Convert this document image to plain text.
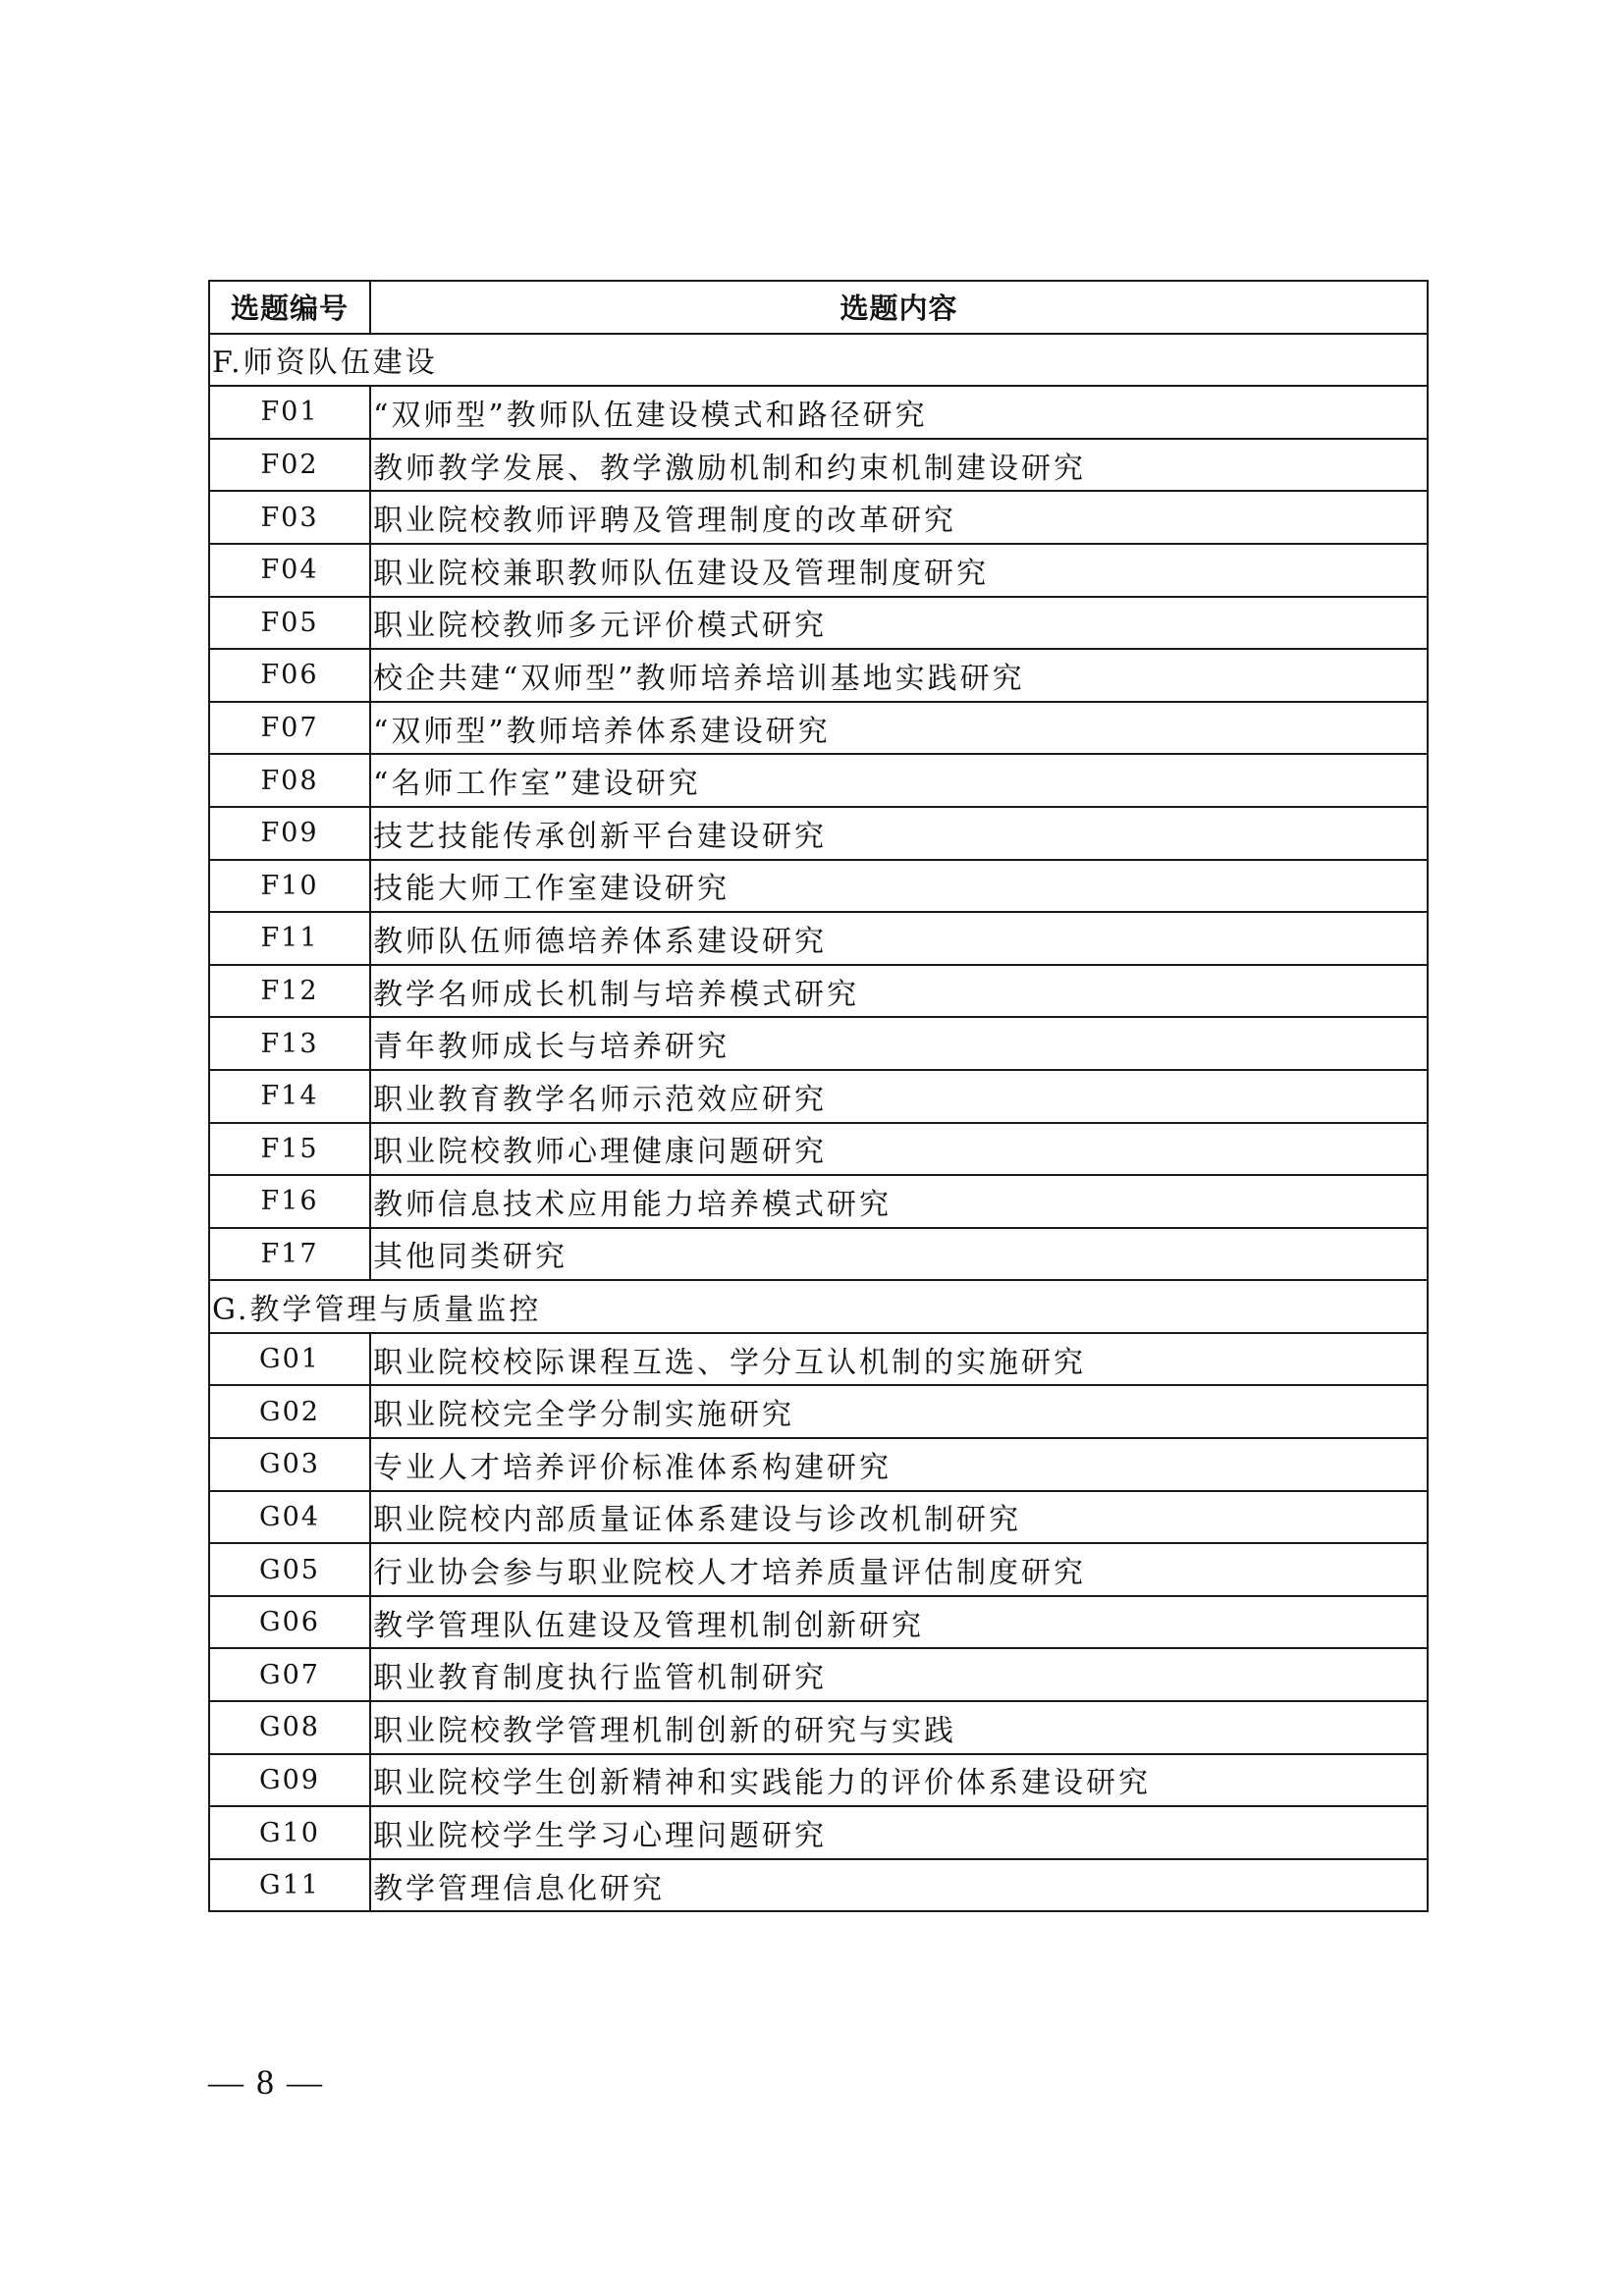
选题编号	选题内容
F.师资队伍建设	
F01	“双师型”教师队伍建设模式和路径研究
F02	教师教学发展、教学激励机制和约束机制建设研究
F03	职业院校教师评聘及管理制度的改革研究
F04	职业院校兼职教师队伍建设及管理制度研究
F05	职业院校教师多元评价模式研究
F06	校企共建“双师型”教师培养培训基地实践研究
F07	“双师型”教师培养体系建设研究
F08	“名师工作室”建设研究
F09	技艺技能传承创新平台建设研究
F10	技能大师工作室建设研究
F11	教师队伍师德培养体系建设研究
F12	教学名师成长机制与培养模式研究
F13	青年教师成长与培养研究
F14	职业教育教学名师示范效应研究
F15	职业院校教师心理健康问题研究
F16	教师信息技术应用能力培养模式研究
F17	其他同类研究
G.教学管理与质量监控	
G01	职业院校校际课程互选、学分互认机制的实施研究
G02	职业院校完全学分制实施研究
G03	专业人才培养评价标准体系构建研究
G04	职业院校内部质量证体系建设与诊改机制研究
G05	行业协会参与职业院校人才培养质量评估制度研究
G06	教学管理队伍建设及管理机制创新研究
G07	职业教育制度执行监管机制研究
G08	职业院校教学管理机制创新的研究与实践
G09	职业院校学生创新精神和实践能力的评价体系建设研究
G10	职业院校学生学习心理问题研究
G11	教学管理信息化研究
— 8 —
